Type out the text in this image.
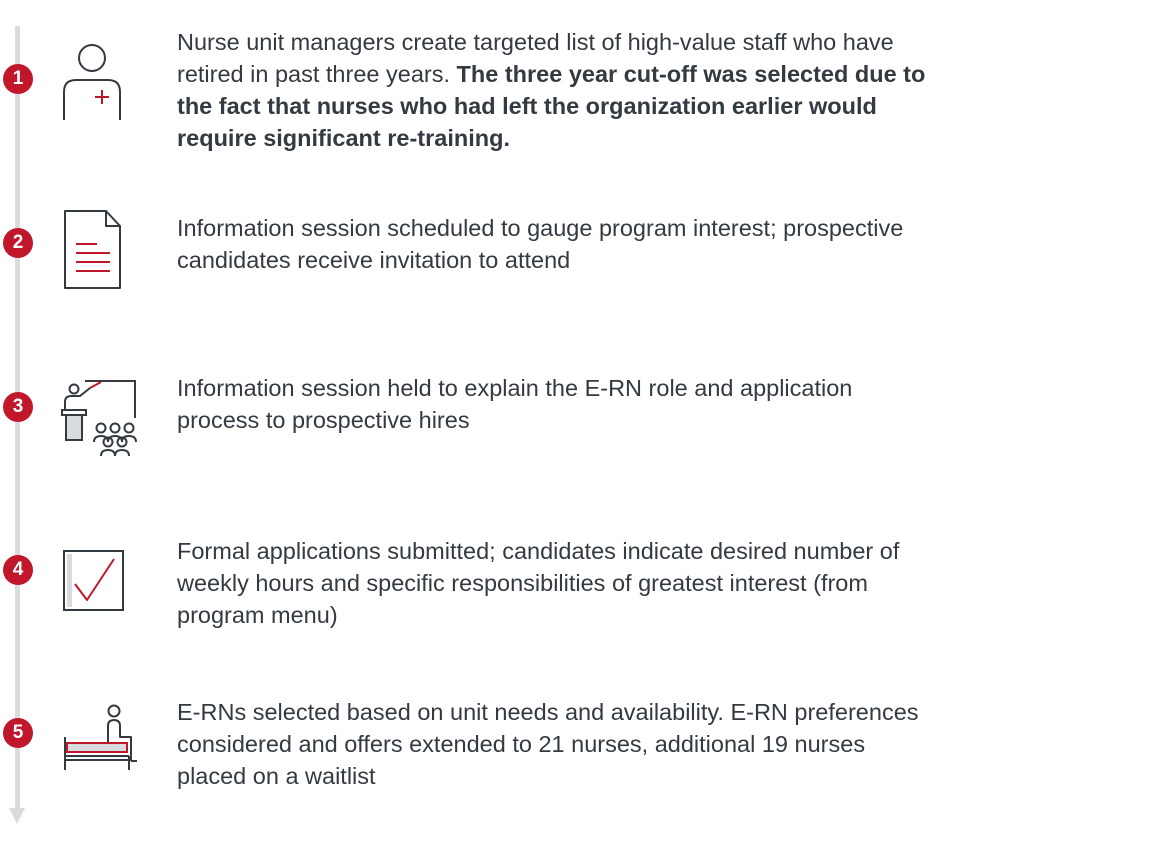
1

Nurse unit managers create targeted list of high-value staff who have retired in past three years. The three year cut-off was selected due to the fact that nurses who had left the organization earlier would require significant re-training.

2

Information session scheduled to gauge program interest; prospective candidates receive invitation to attend

3

Information session held to explain the E-RN role and application process to prospective hires

4

Formal applications submitted; candidates indicate desired number of weekly hours and specific responsibilities of greatest interest (from program menu)

5

E-RNs selected based on unit needs and availability. E-RN preferences considered and offers extended to 21 nurses, additional 19 nurses placed on a waitlist
